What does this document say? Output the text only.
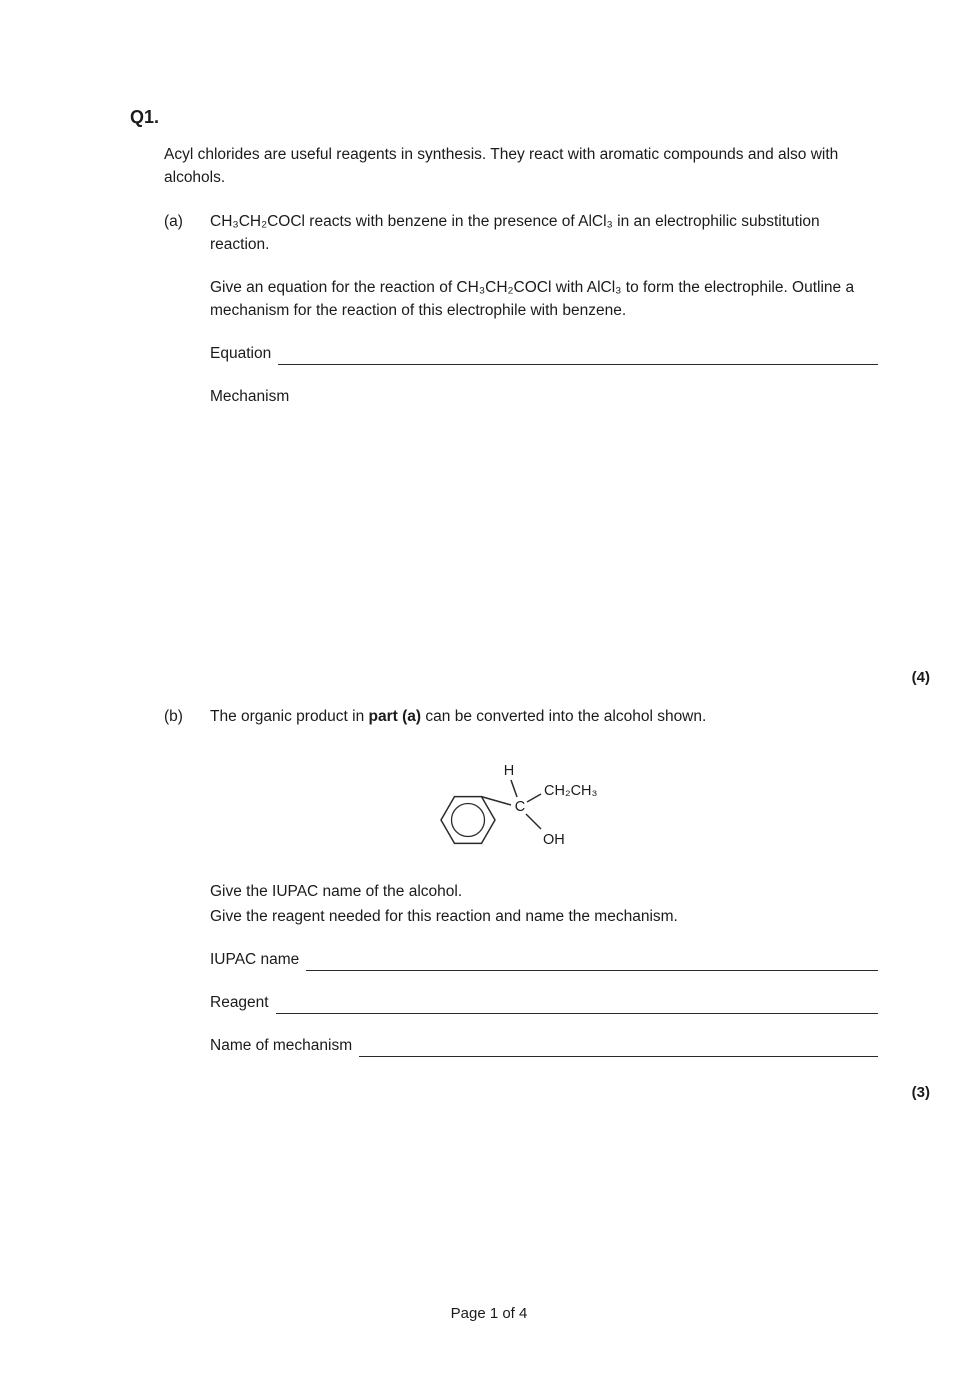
Q1.

Acyl chlorides are useful reagents in synthesis. They react with aromatic compounds and also with alcohols.

(a)	CH₃CH₂COCl reacts with benzene in the presence of AlCl₃ in an electrophilic substitution reaction.

Give an equation for the reaction of CH₃CH₂COCl with AlCl₃ to form the electrophile. Outline a mechanism for the reaction of this electrophile with benzene.

Equation

Mechanism

(4)
(b)	The organic product in part (a) can be converted into the alcohol shown.

H
C
CH₂CH₃
OH

Give the IUPAC name of the alcohol.

Give the reagent needed for this reaction and name the mechanism.

IUPAC name
Reagent
Name of mechanism
(3)
Page 1 of 4
